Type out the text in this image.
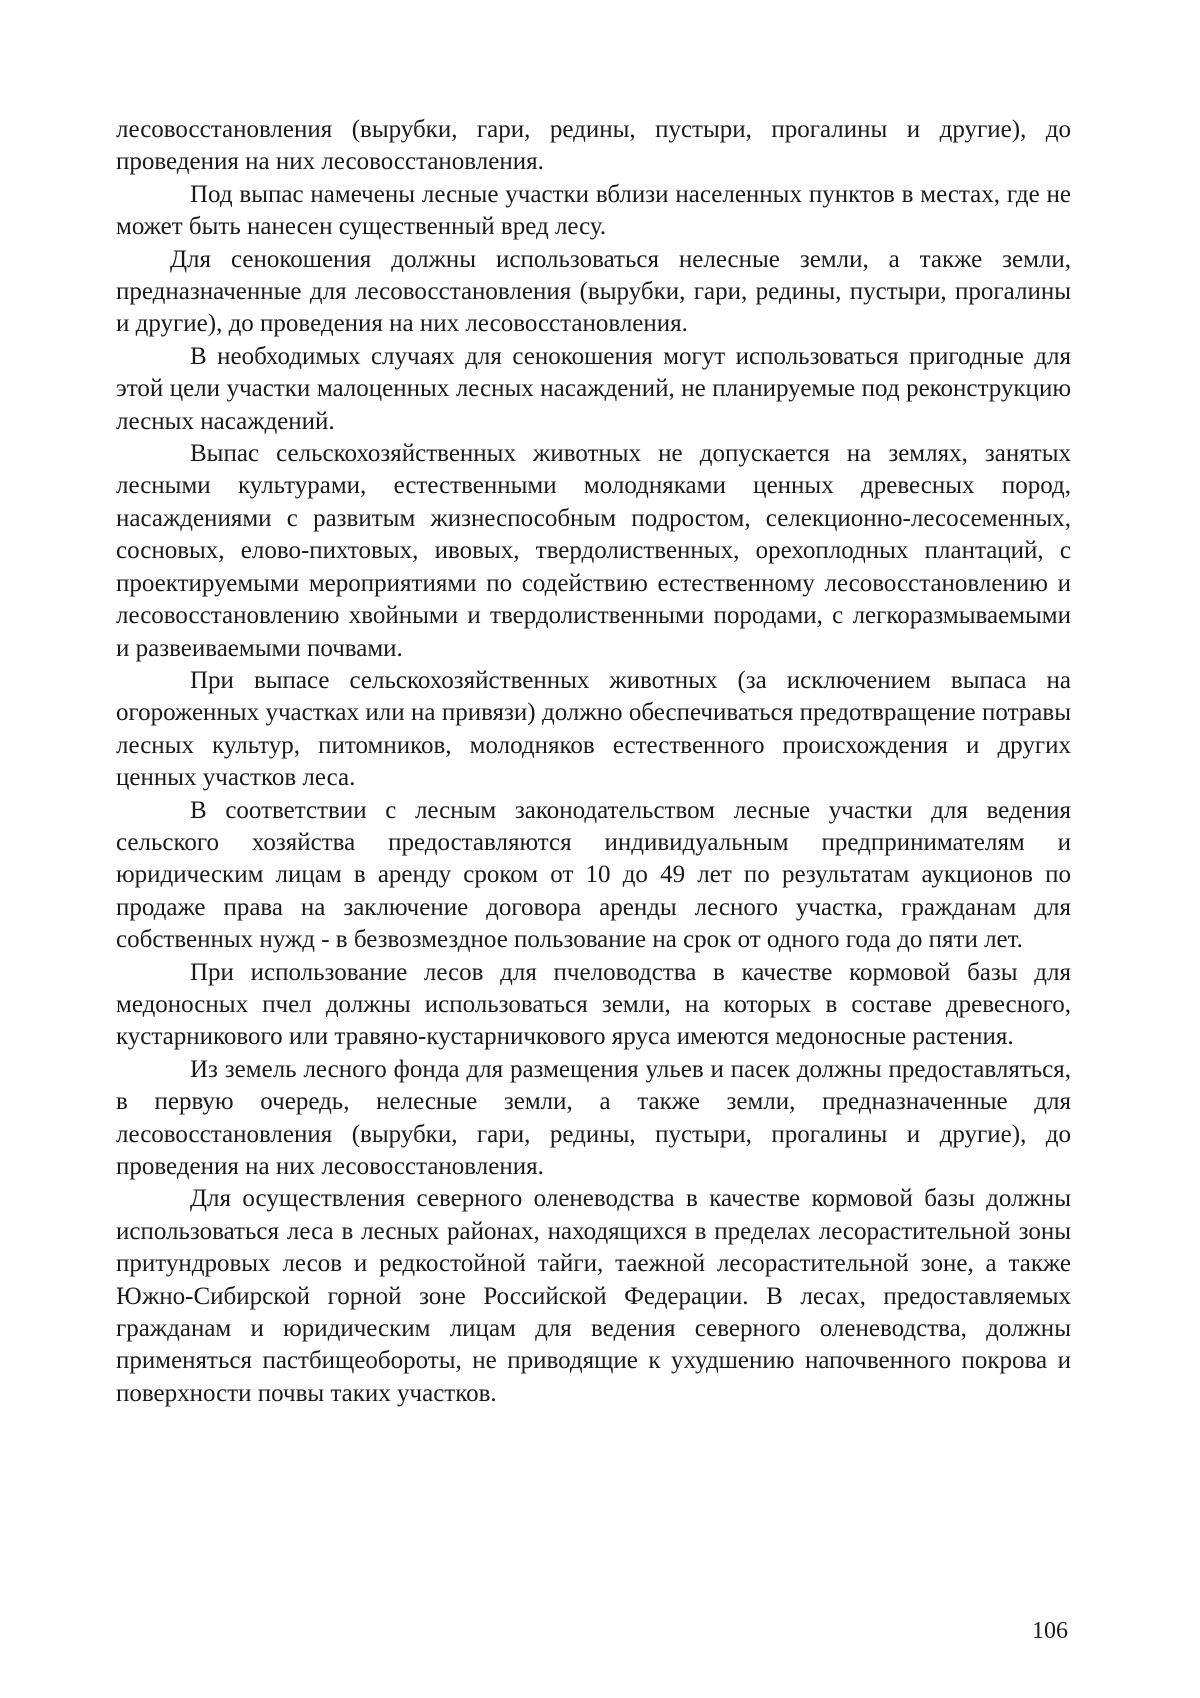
лесовосстановления (вырубки, гари, редины, пустыри, прогалины и другие), до проведения на них лесовосстановления.

Под выпас намечены лесные участки вблизи населенных пунктов в местах, где не может быть нанесен существенный вред лесу.

Для сенокошения должны использоваться нелесные земли, а также земли, предназначенные для лесовосстановления (вырубки, гари, редины, пустыри, прогалины и другие), до проведения на них лесовосстановления.

В необходимых случаях для сенокошения могут использоваться пригодные для этой цели участки малоценных лесных насаждений, не планируемые под реконструкцию лесных насаждений.

Выпас сельскохозяйственных животных не допускается на землях, занятых лесными культурами, естественными молодняками ценных древесных пород, насаждениями с развитым жизнеспособным подростом, селекционно-лесосеменных, сосновых, елово-пихтовых, ивовых, твердолиственных, орехоплодных плантаций, с проектируемыми мероприятиями по содействию естественному лесовосстановлению и лесовосстановлению хвойными и твердолиственными породами, с легкоразмываемыми и развеиваемыми почвами.

При выпасе сельскохозяйственных животных (за исключением выпаса на огороженных участках или на привязи) должно обеспечиваться предотвращение потравы лесных культур, питомников, молодняков естественного происхождения и других ценных участков леса.

В соответствии с лесным законодательством лесные участки для ведения сельского хозяйства предоставляются индивидуальным предпринимателям и юридическим лицам в аренду сроком от 10 до 49 лет по результатам аукционов по продаже права на заключение договора аренды лесного участка, гражданам для собственных нужд - в безвозмездное пользование на срок от одного года до пяти лет.

При использование лесов для пчеловодства в качестве кормовой базы для медоносных пчел должны использоваться земли, на которых в составе древесного, кустарникового или травяно-кустарничкового яруса имеются медоносные растения.

Из земель лесного фонда для размещения ульев и пасек должны предоставляться, в первую очередь, нелесные земли, а также земли, предназначенные для лесовосстановления (вырубки, гари, редины, пустыри, прогалины и другие), до проведения на них лесовосстановления.

Для осуществления северного оленеводства в качестве кормовой базы должны использоваться леса в лесных районах, находящихся в пределах лесорастительной зоны притундровых лесов и редкостойной тайги, таежной лесорастительной зоне, а также Южно-Сибирской горной зоне Российской Федерации. В лесах, предоставляемых гражданам и юридическим лицам для ведения северного оленеводства, должны применяться пастбищеобороты, не приводящие к ухудшению напочвенного покрова и поверхности почвы таких участков.

106
